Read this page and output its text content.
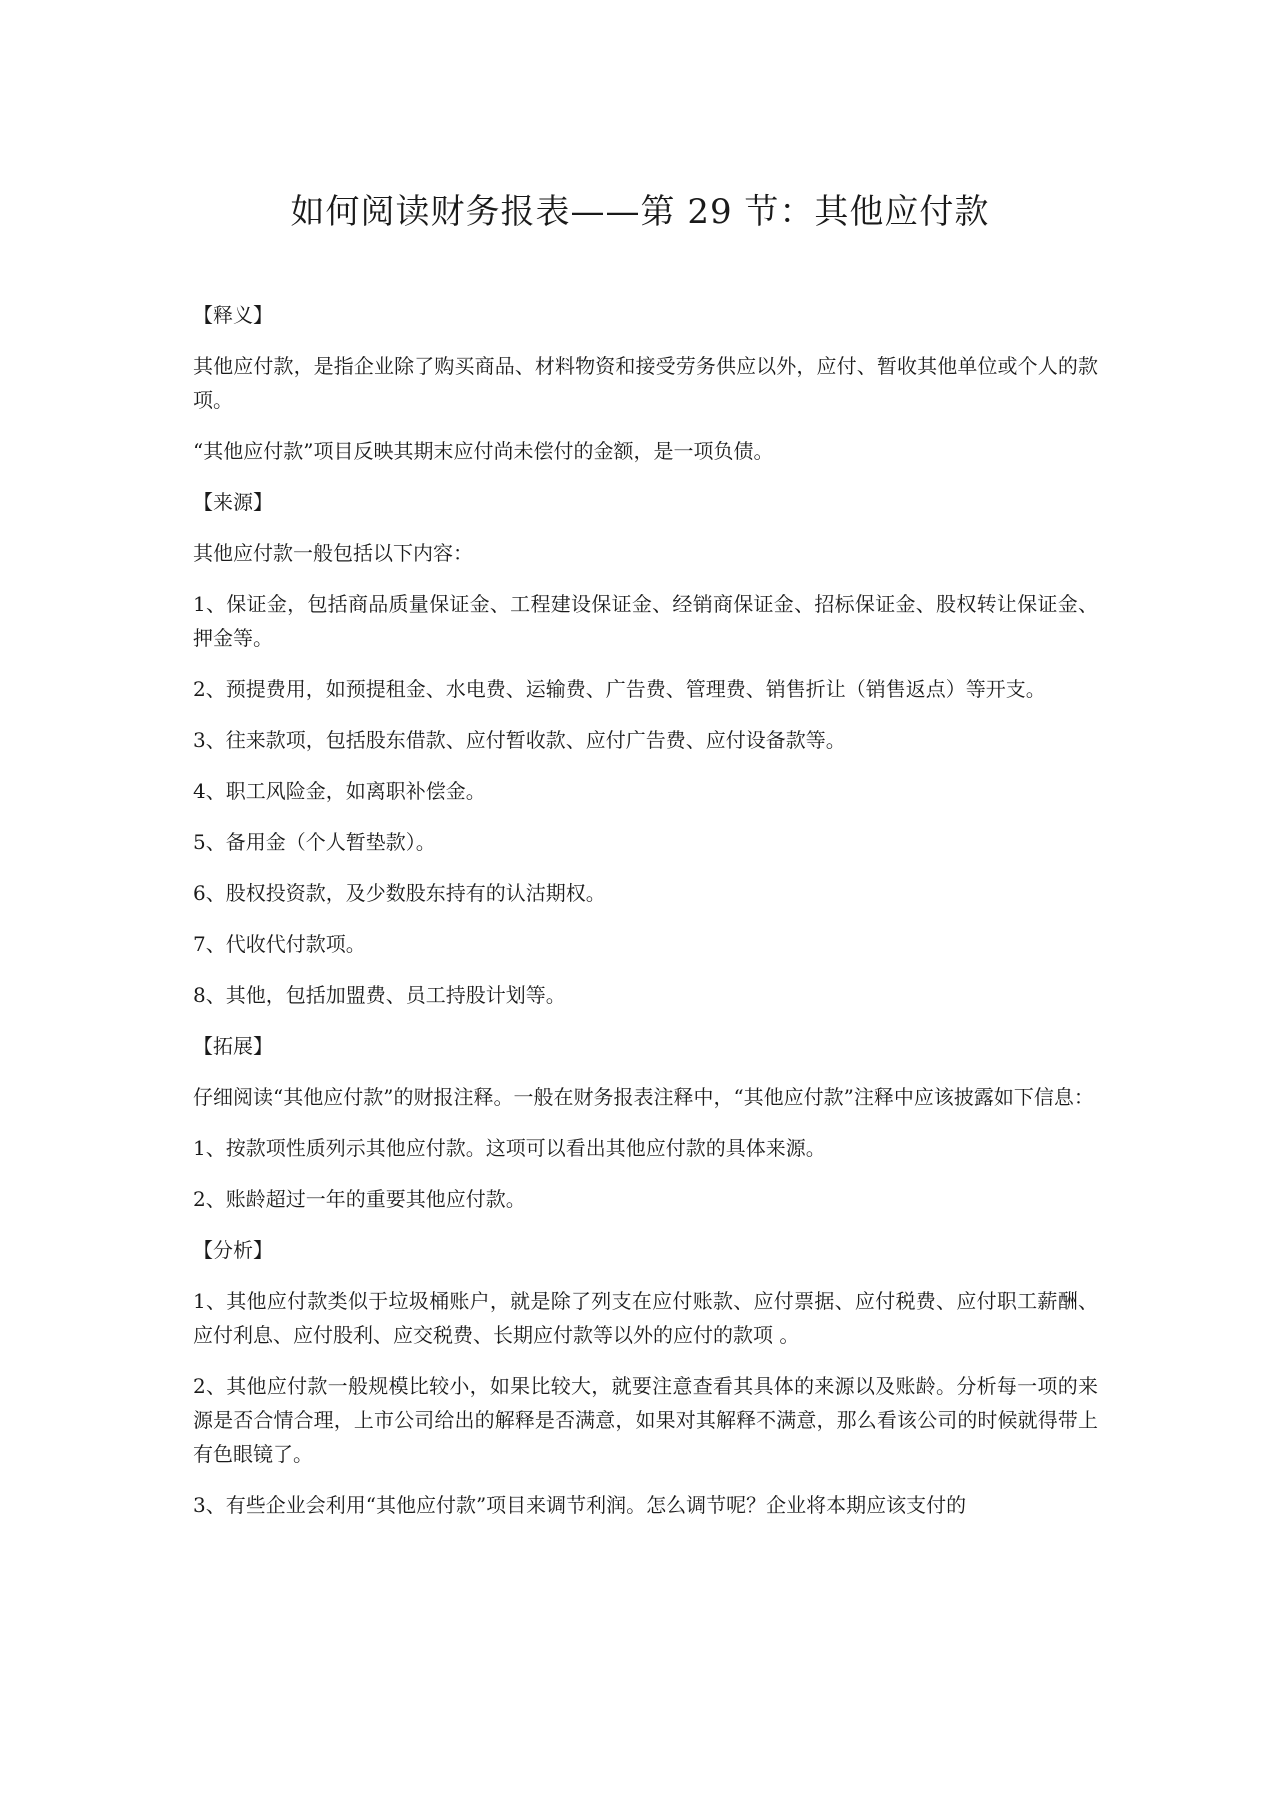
如何阅读财务报表——第 29 节：其他应付款
【释义】

其他应付款，是指企业除了购买商品、材料物资和接受劳务供应以外，应付、暂收其他单位或个人的款项。

“其他应付款”项目反映其期末应付尚未偿付的金额，是一项负债。

【来源】

其他应付款一般包括以下内容：

1、保证金，包括商品质量保证金、工程建设保证金、经销商保证金、招标保证金、股权转让保证金、押金等。

2、预提费用，如预提租金、水电费、运输费、广告费、管理费、销售折让（销售返点）等开支。

3、往来款项，包括股东借款、应付暂收款、应付广告费、应付设备款等。

4、职工风险金，如离职补偿金。

5、备用金（个人暂垫款）。

6、股权投资款，及少数股东持有的认沽期权。

7、代收代付款项。

8、其他，包括加盟费、员工持股计划等。

【拓展】

仔细阅读“其他应付款”的财报注释。一般在财务报表注释中，“其他应付款”注释中应该披露如下信息：

1、按款项性质列示其他应付款。这项可以看出其他应付款的具体来源。

2、账龄超过一年的重要其他应付款。

【分析】

1、其他应付款类似于垃圾桶账户，就是除了列支在应付账款、应付票据、应付税费、应付职工薪酬、应付利息、应付股利、应交税费、长期应付款等以外的应付的款项 。

2、其他应付款一般规模比较小，如果比较大，就要注意查看其具体的来源以及账龄。分析每一项的来源是否合情合理，上市公司给出的解释是否满意，如果对其解释不满意，那么看该公司的时候就得带上有色眼镜了。

3、有些企业会利用“其他应付款”项目来调节利润。怎么调节呢？企业将本期应该支付的
